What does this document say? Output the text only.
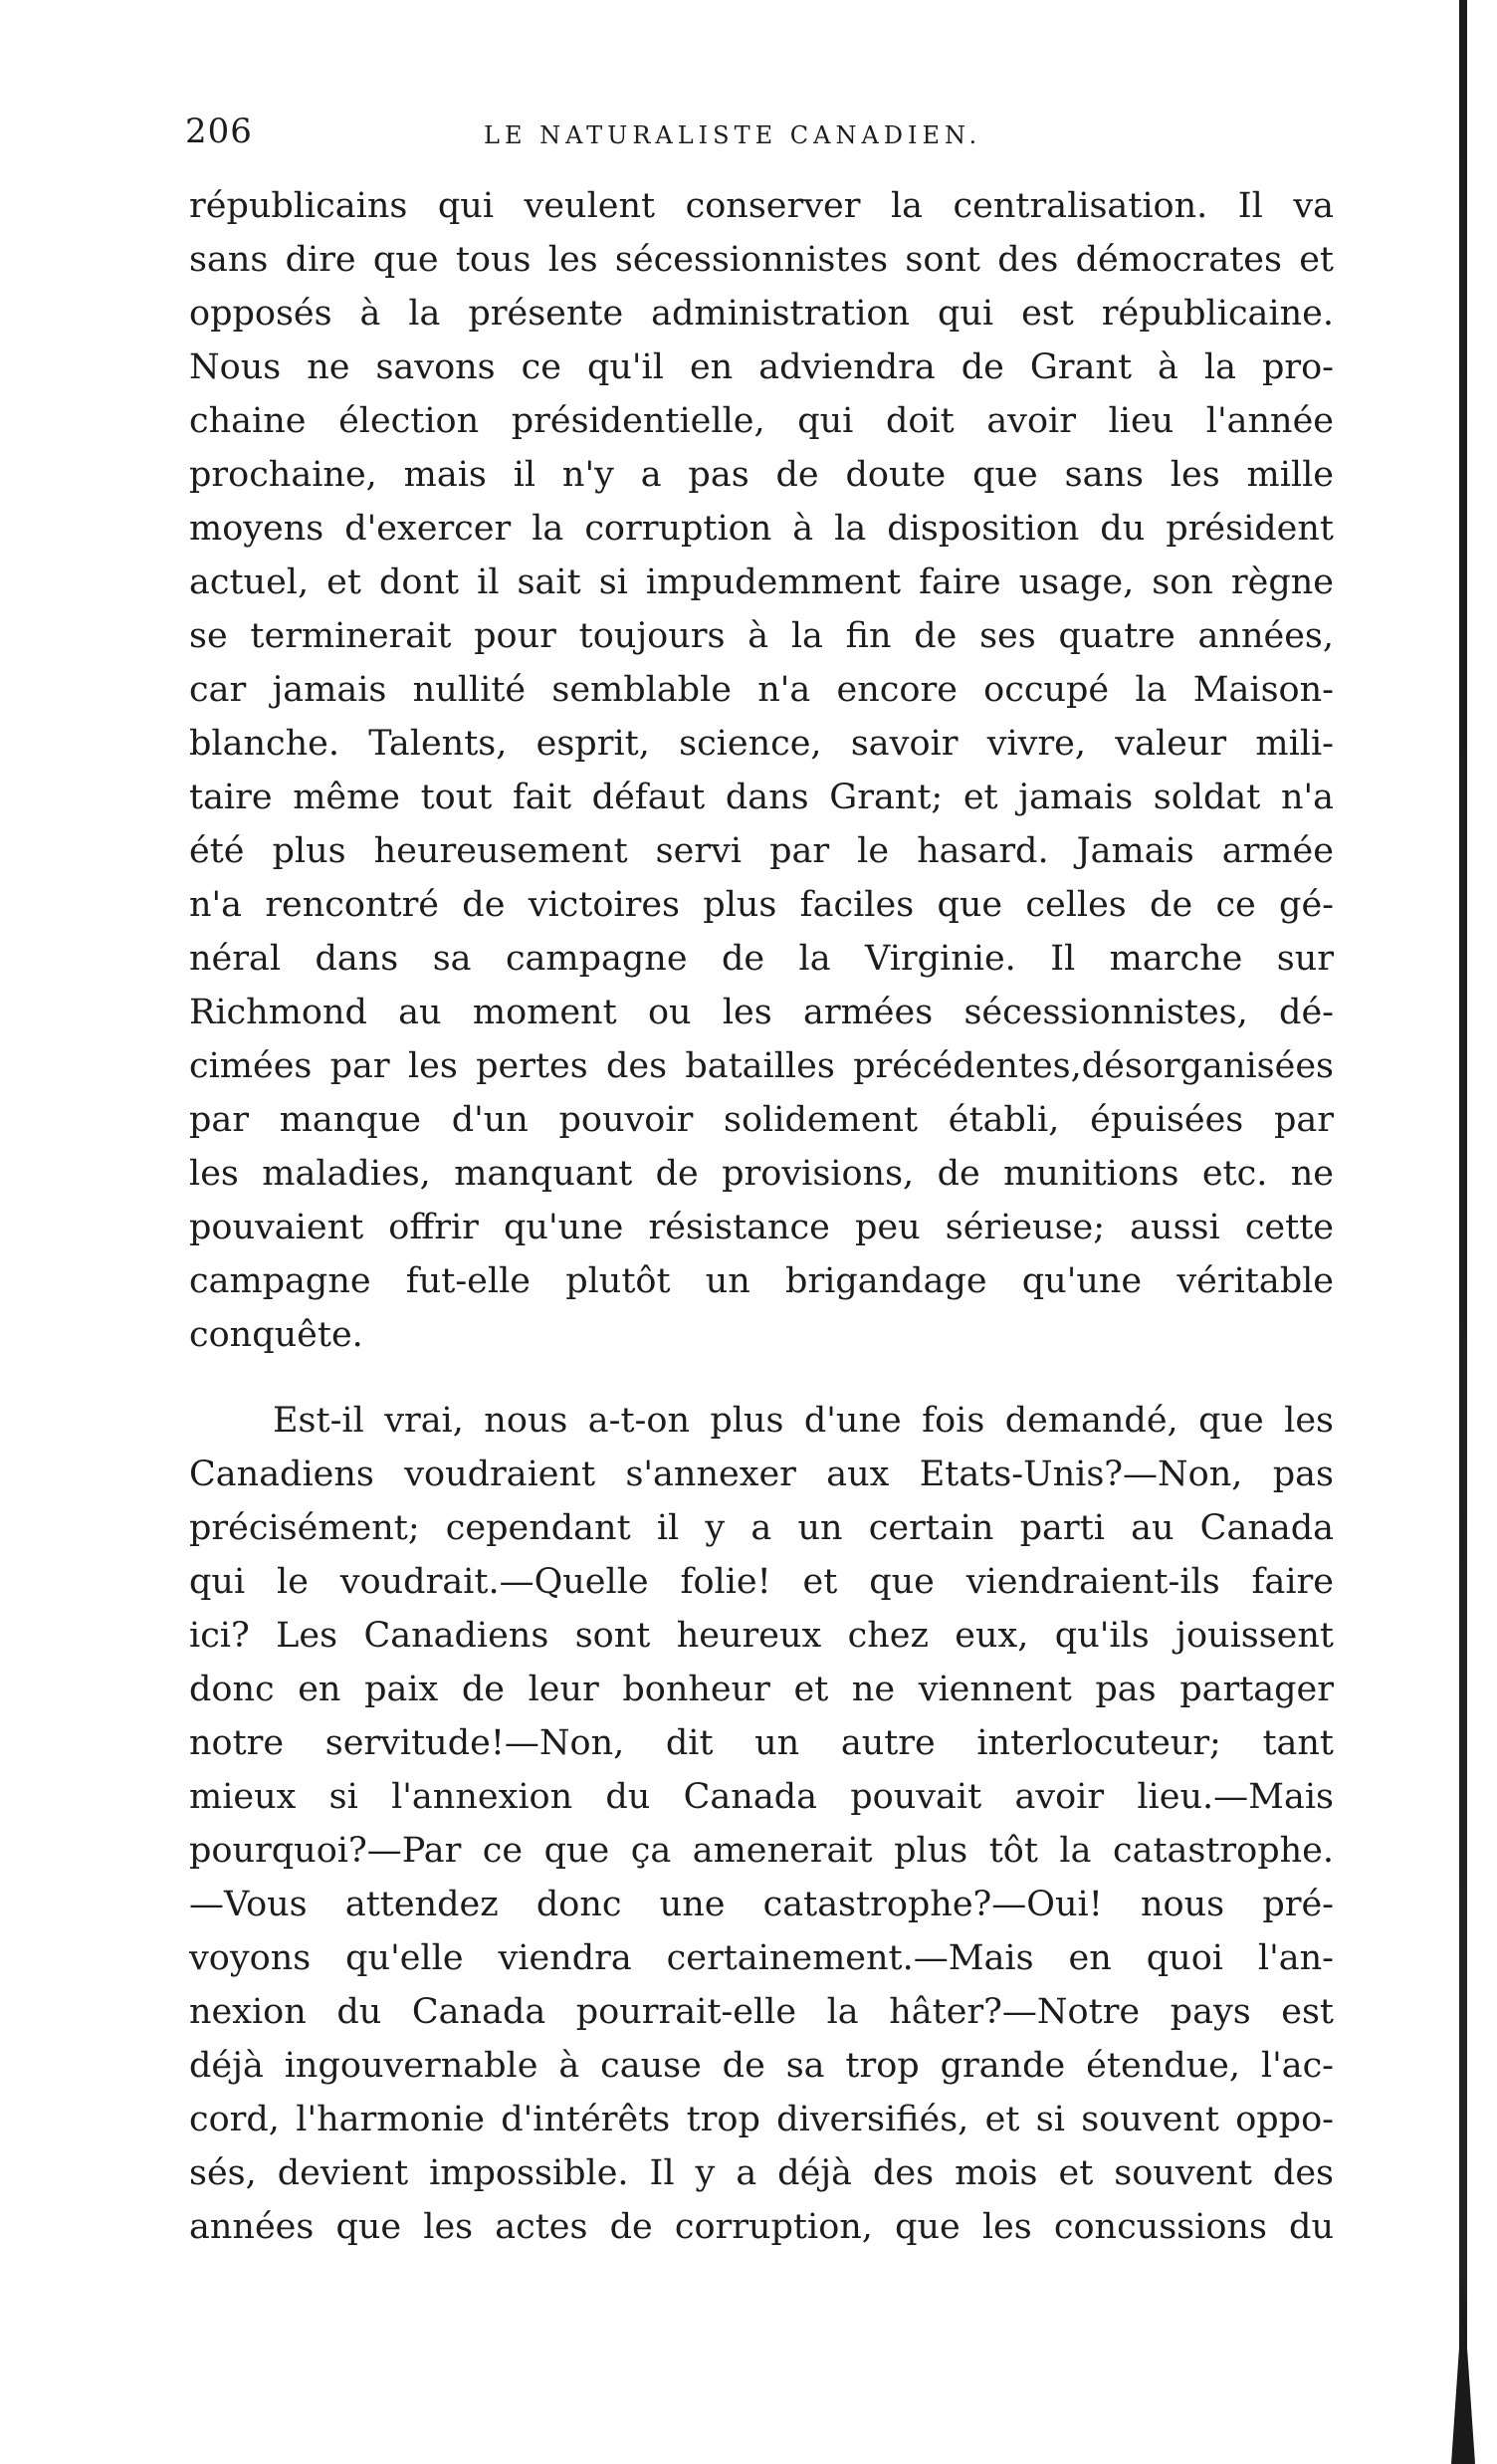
206	LE NATURALISTE CANADIEN.
républicains qui veulent conserver la centralisation. Il va
sans dire que tous les sécessionnistes sont des démocrates et
opposés à la présente administration qui est républicaine.
Nous ne savons ce qu'il en adviendra de Grant à la pro-
chaine élection présidentielle, qui doit avoir lieu l'année
prochaine, mais il n'y a pas de doute que sans les mille
moyens d'exercer la corruption à la disposition du président
actuel, et dont il sait si impudemment faire usage, son règne
se terminerait pour toujours à la fin de ses quatre années,
car jamais nullité semblable n'a encore occupé la Maison-
blanche. Talents, esprit, science, savoir vivre, valeur mili-
taire même tout fait défaut dans Grant; et jamais soldat n'a
été plus heureusement servi par le hasard. Jamais armée
n'a rencontré de victoires plus faciles que celles de ce gé-
néral dans sa campagne de la Virginie. Il marche sur
Richmond au moment ou les armées sécessionnistes, dé-
cimées par les pertes des batailles précédentes,désorganisées
par manque d'un pouvoir solidement établi, épuisées par
les maladies, manquant de provisions, de munitions etc. ne
pouvaient offrir qu'une résistance peu sérieuse; aussi cette
campagne fut-elle plutôt un brigandage qu'une véritable
conquête.
Est-il vrai, nous a-t-on plus d'une fois demandé, que les
Canadiens voudraient s'annexer aux Etats-Unis?—Non, pas
précisément; cependant il y a un certain parti au Canada
qui le voudrait.—Quelle folie! et que viendraient-ils faire
ici? Les Canadiens sont heureux chez eux, qu'ils jouissent
donc en paix de leur bonheur et ne viennent pas partager
notre servitude!—Non, dit un autre interlocuteur; tant
mieux si l'annexion du Canada pouvait avoir lieu.—Mais
pourquoi?—Par ce que ça amenerait plus tôt la catastrophe.
—Vous attendez donc une catastrophe?—Oui! nous pré-
voyons qu'elle viendra certainement.—Mais en quoi l'an-
nexion du Canada pourrait-elle la hâter?—Notre pays est
déjà ingouvernable à cause de sa trop grande étendue, l'ac-
cord, l'harmonie d'intérêts trop diversifiés, et si souvent oppo-
sés, devient impossible. Il y a déjà des mois et souvent des
années que les actes de corruption, que les concussions du
